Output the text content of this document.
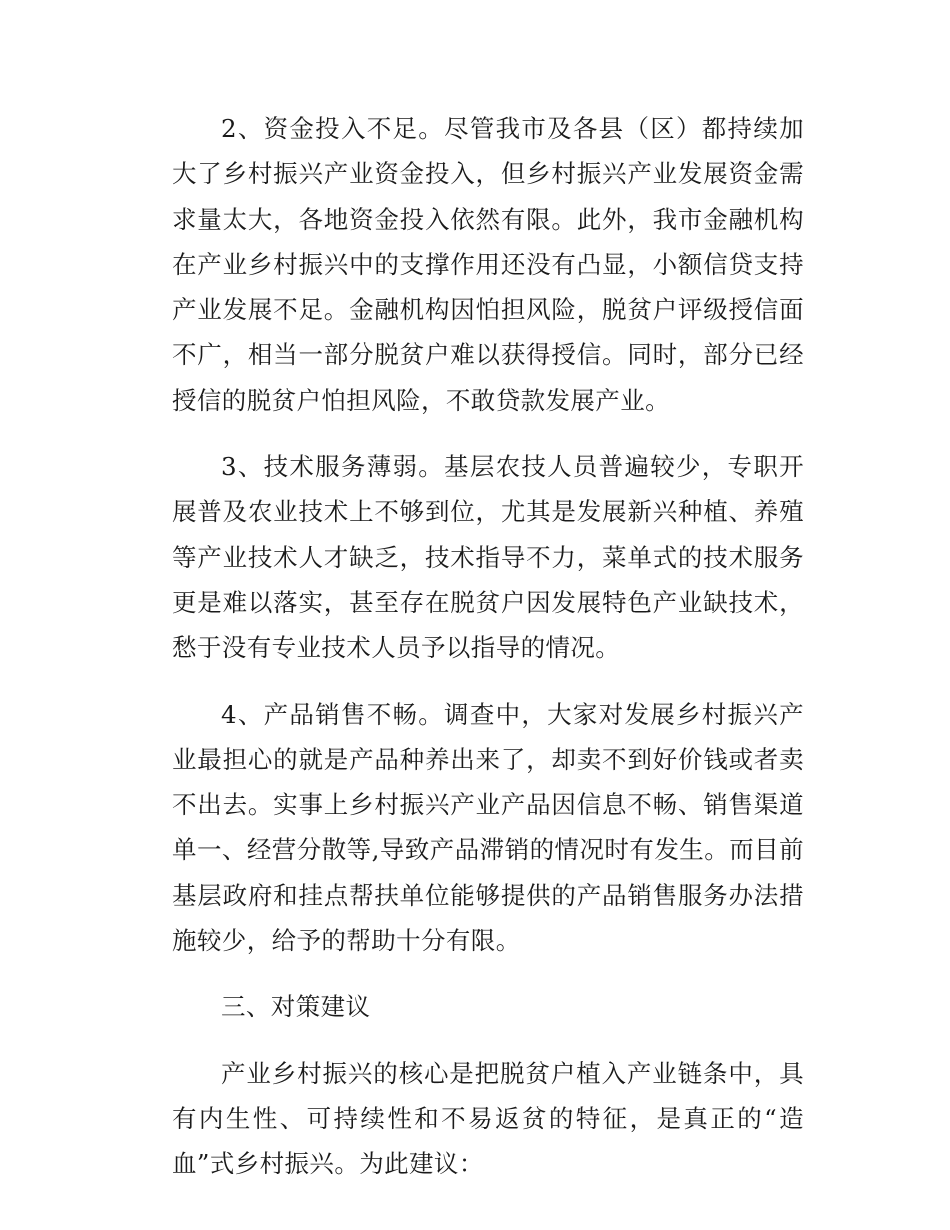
2、资金投入不足。尽管我市及各县（区）都持续加大了乡村振兴产业资金投入，但乡村振兴产业发展资金需求量太大，各地资金投入依然有限。此外，我市金融机构在产业乡村振兴中的支撑作用还没有凸显，小额信贷支持产业发展不足。金融机构因怕担风险，脱贫户评级授信面不广，相当一部分脱贫户难以获得授信。同时，部分已经授信的脱贫户怕担风险，不敢贷款发展产业。

3、技术服务薄弱。基层农技人员普遍较少，专职开展普及农业技术上不够到位，尤其是发展新兴种植、养殖等产业技术人才缺乏，技术指导不力，菜单式的技术服务更是难以落实，甚至存在脱贫户因发展特色产业缺技术，愁于没有专业技术人员予以指导的情况。

4、产品销售不畅。调查中，大家对发展乡村振兴产业最担心的就是产品种养出来了，却卖不到好价钱或者卖不出去。实事上乡村振兴产业产品因信息不畅、销售渠道单一、经营分散等,导致产品滞销的情况时有发生。而目前基层政府和挂点帮扶单位能够提供的产品销售服务办法措施较少，给予的帮助十分有限。

三、对策建议

产业乡村振兴的核心是把脱贫户植入产业链条中，具有内生性、可持续性和不易返贫的特征，是真正的“造血”式乡村振兴。为此建议：
